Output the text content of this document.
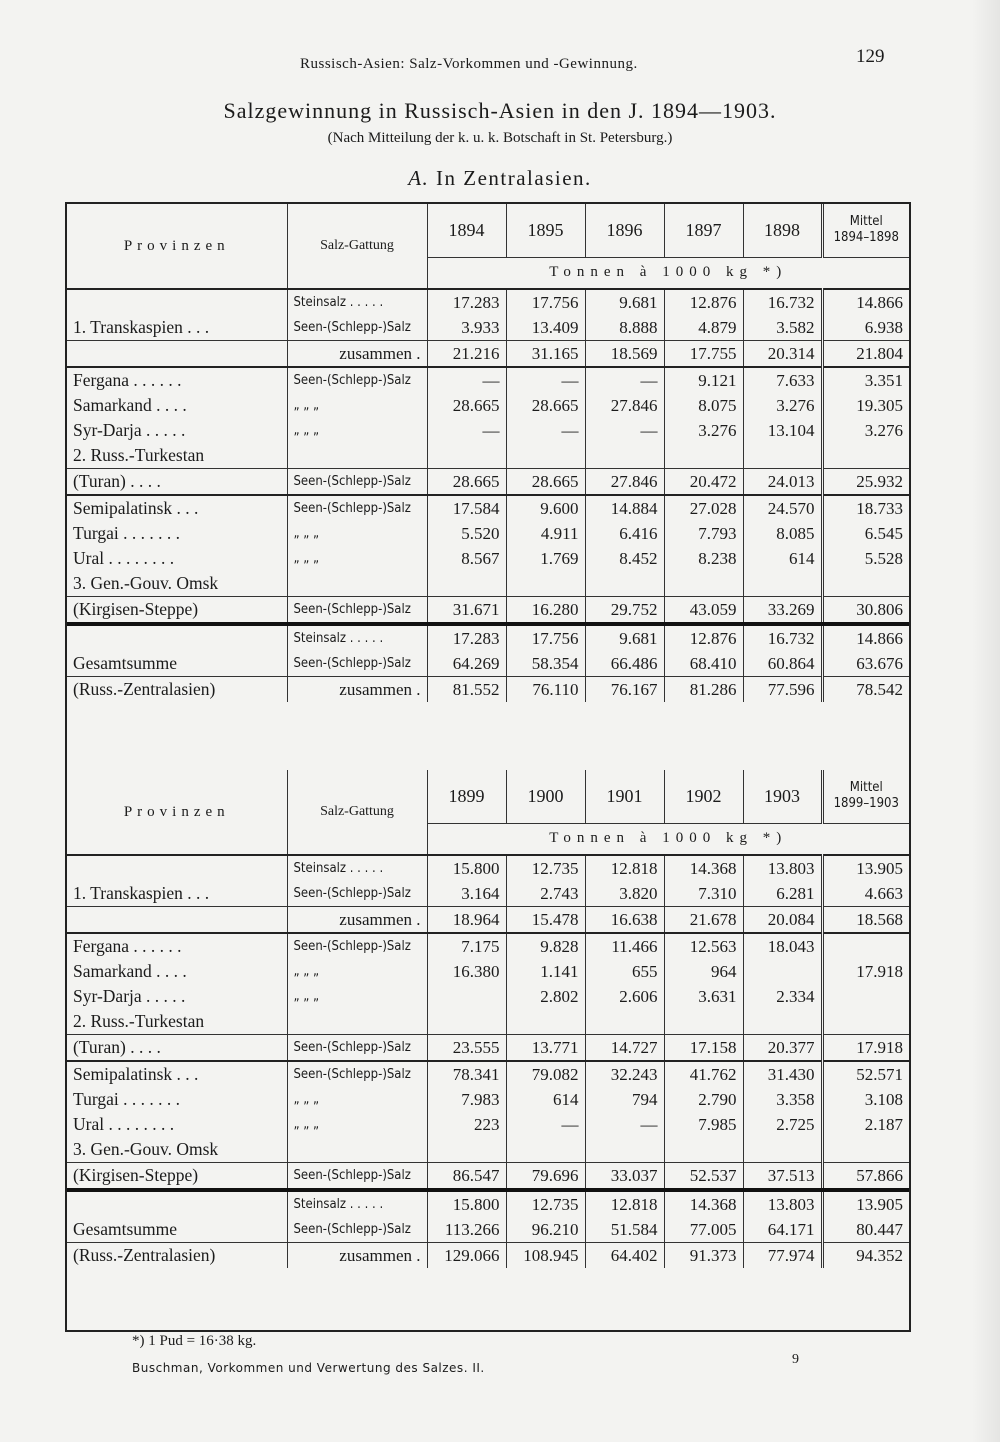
Russisch-Asien: Salz-Vorkommen und -Gewinnung.	129
Salzgewinnung in Russisch-Asien in den J. 1894—1903.
(Nach Mitteilung der k. u. k. Botschaft in St. Petersburg.)
A. In Zentralasien.
Provinzen	Salz-Gattung	1894	1895	1896	1897	1898	Mittel
1894–1898

		Tonnen à 1000 kg *)					
	Steinsalz . . . . .	17.283	17.756	9.681	12.876	16.732	14.866
1. Transkaspien . . .	Seen-(Schlepp-)Salz	3.933	13.409	8.888	4.879	3.582	6.938
	zusammen .	21.216	31.165	18.569	17.755	20.314	21.804
Fergana . . . . . .	Seen-(Schlepp-)Salz	—	—	—	9.121	7.633	3.351
Samarkand . . . .	„ „ „	28.665	28.665	27.846	8.075	3.276	19.305
Syr-Darja . . . . .	„ „ „	—	—	—	3.276	13.104	3.276
2. Russ.-Turkestan							
(Turan) . . . .	Seen-(Schlepp-)Salz	28.665	28.665	27.846	20.472	24.013	25.932
Semipalatinsk . . .	Seen-(Schlepp-)Salz	17.584	9.600	14.884	27.028	24.570	18.733
Turgai . . . . . . .	„ „ „	5.520	4.911	6.416	7.793	8.085	6.545
Ural . . . . . . . .	„ „ „	8.567	1.769	8.452	8.238	614	5.528
3. Gen.-Gouv. Omsk							
(Kirgisen-Steppe)	Seen-(Schlepp-)Salz	31.671	16.280	29.752	43.059	33.269	30.806
	Steinsalz . . . . .	17.283	17.756	9.681	12.876	16.732	14.866
Gesamtsumme	Seen-(Schlepp-)Salz	64.269	58.354	66.486	68.410	60.864	63.676
(Russ.-Zentralasien)	zusammen .	81.552	76.110	76.167	81.286	77.596	78.542
Provinzen	Salz-Gattung	1899	1900	1901	1902	1903	Mittel
1899–1903

		Tonnen à 1000 kg *)					
	Steinsalz . . . . .	15.800	12.735	12.818	14.368	13.803	13.905
1. Transkaspien . . .	Seen-(Schlepp-)Salz	3.164	2.743	3.820	7.310	6.281	4.663
	zusammen .	18.964	15.478	16.638	21.678	20.084	18.568
Fergana . . . . . .	Seen-(Schlepp-)Salz	7.175	9.828	11.466	12.563	18.043	
Samarkand . . . .	„ „ „	16.380	1.141	655	964		17.918
Syr-Darja . . . . .	„ „ „		2.802	2.606	3.631	2.334	
2. Russ.-Turkestan							
(Turan) . . . .	Seen-(Schlepp-)Salz	23.555	13.771	14.727	17.158	20.377	17.918
Semipalatinsk . . .	Seen-(Schlepp-)Salz	78.341	79.082	32.243	41.762	31.430	52.571
Turgai . . . . . . .	„ „ „	7.983	614	794	2.790	3.358	3.108
Ural . . . . . . . .	„ „ „	223	—	—	7.985	2.725	2.187
3. Gen.-Gouv. Omsk							
(Kirgisen-Steppe)	Seen-(Schlepp-)Salz	86.547	79.696	33.037	52.537	37.513	57.866
	Steinsalz . . . . .	15.800	12.735	12.818	14.368	13.803	13.905
Gesamtsumme	Seen-(Schlepp-)Salz	113.266	96.210	51.584	77.005	64.171	80.447
(Russ.-Zentralasien)	zusammen .	129.066	108.945	64.402	91.373	77.974	94.352
*) 1 Pud = 16·38 kg.
Buschman, Vorkommen und Verwertung des Salzes. II.
9
